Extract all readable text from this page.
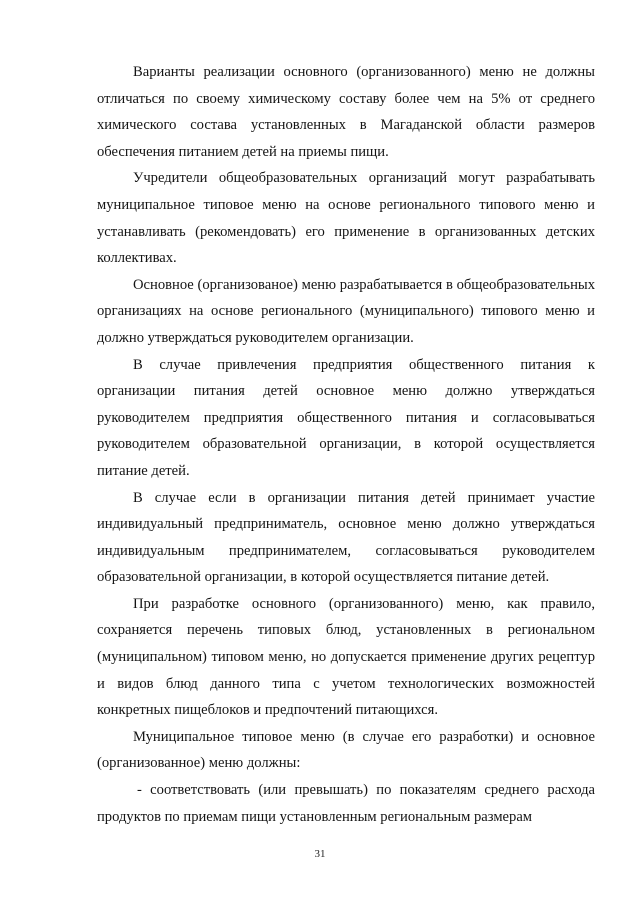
Варианты реализации основного (организованного) меню не должны отличаться по своему химическому составу более чем на 5% от среднего химического состава установленных в Магаданской области размеров обеспечения питанием детей на приемы пищи.

Учредители общеобразовательных организаций могут разрабатывать муниципальное типовое меню на основе регионального типового меню и устанавливать (рекомендовать) его применение в организованных детских коллективах.

Основное (организованое) меню разрабатывается в общеобразовательных организациях на основе регионального (муниципального) типового меню и должно утверждаться руководителем организации.

В случае привлечения предприятия общественного питания к организации питания детей основное меню должно утверждаться руководителем предприятия общественного питания и согласовываться руководителем образовательной организации, в которой осуществляется питание детей.

В случае если в организации питания детей принимает участие индивидуальный предприниматель, основное меню должно утверждаться индивидуальным предпринимателем, согласовываться руководителем образовательной организации, в которой осуществляется питание детей.

При разработке основного (организованного) меню, как правило, сохраняется перечень типовых блюд, установленных в региональном (муниципальном) типовом меню, но допускается применение других рецептур и видов блюд данного типа с учетом технологических возможностей конкретных пищеблоков и предпочтений питающихся.

Муниципальное типовое меню (в случае его разработки) и основное (организованное) меню должны:

- соответствовать (или превышать) по показателям среднего расхода продуктов по приемам пищи установленным региональным размерам

31
